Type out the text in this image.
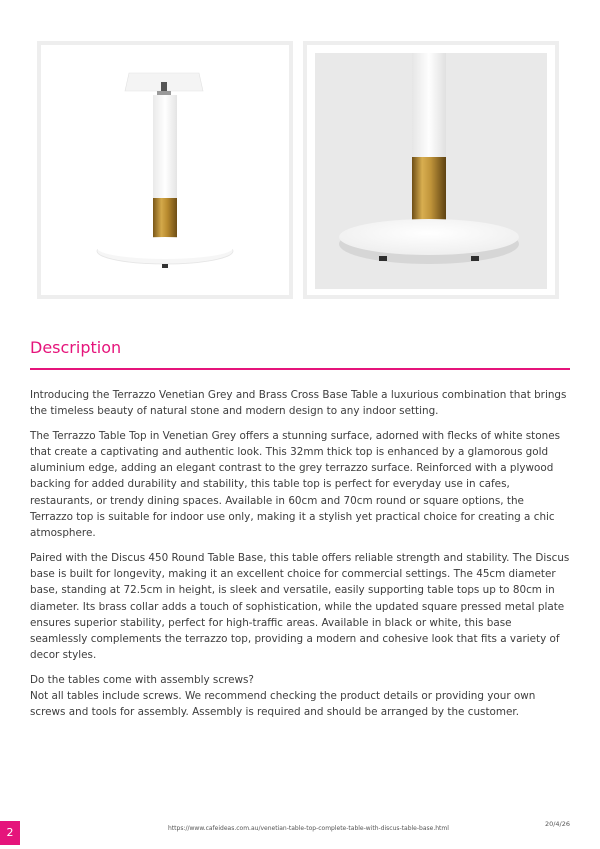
Description

Introducing the Terrazzo Venetian Grey and Brass Cross Base Table a luxurious combination that brings the timeless beauty of natural stone and modern design to any indoor setting.

The Terrazzo Table Top in Venetian Grey offers a stunning surface, adorned with flecks of white stones that create a captivating and authentic look. This 32mm thick top is enhanced by a glamorous gold aluminium edge, adding an elegant contrast to the grey terrazzo surface. Reinforced with a plywood backing for added durability and stability, this table top is perfect for everyday use in cafes, restaurants, or trendy dining spaces. Available in 60cm and 70cm round or square options, the Terrazzo top is suitable for indoor use only, making it a stylish yet practical choice for creating a chic atmosphere.

Paired with the Discus 450 Round Table Base, this table offers reliable strength and stability. The Discus base is built for longevity, making it an excellent choice for commercial settings. The 45cm diameter base, standing at 72.5cm in height, is sleek and versatile, easily supporting table tops up to 80cm in diameter. Its brass collar adds a touch of sophistication, while the updated square pressed metal plate ensures superior stability, perfect for high-traffic areas. Available in black or white, this base seamlessly complements the terrazzo top, providing a modern and cohesive look that fits a variety of decor styles.

Do the tables come with assembly screws?

Not all tables include screws. We recommend checking the product details or providing your own screws and tools for assembly. Assembly is required and should be arranged by the customer.

2	https://www.cafeideas.com.au/venetian-table-top-complete-table-with-discus-table-base.html
20/4/26
